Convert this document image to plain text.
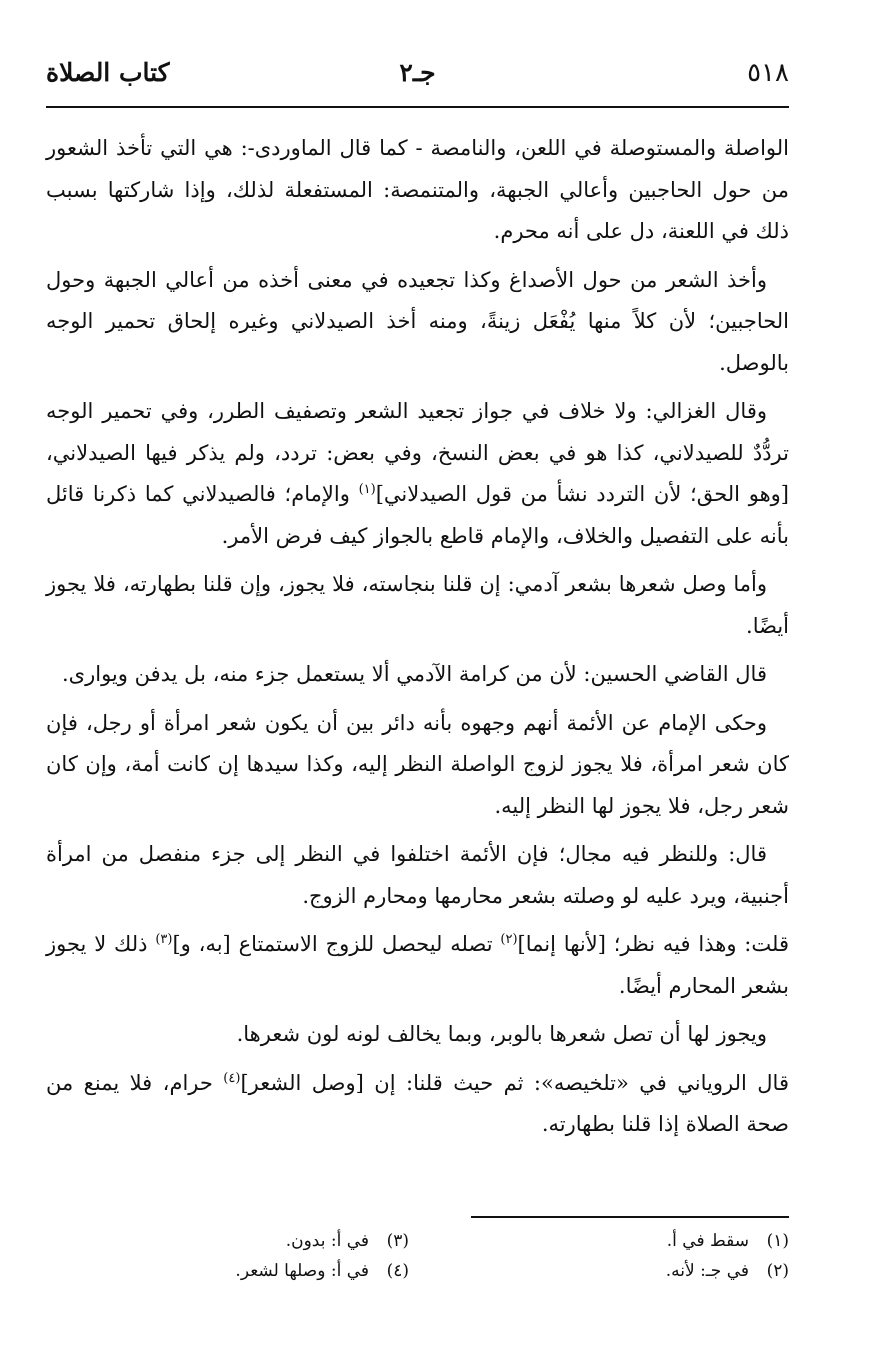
٥١٨
جـ٢
كتاب الصلاة

الواصلة والمستوصلة في اللعن، والنامصة - كما قال الماوردى-: هي التي تأخذ الشعور من حول الحاجبين وأعالي الجبهة، والمتنمصة: المستفعلة لذلك، وإذا شاركتها بسبب ذلك في اللعنة، دل على أنه محرم.

وأخذ الشعر من حول الأصداغ وكذا تجعيده في معنى أخذه من أعالي الجبهة وحول الحاجبين؛ لأن كلاً منها يُفْعَل زينةً، ومنه أخذ الصيدلاني وغيره إلحاق تحمير الوجه بالوصل.

وقال الغزالي: ولا خلاف في جواز تجعيد الشعر وتصفيف الطرر، وفي تحمير الوجه تردُّدٌ للصيدلاني، كذا هو في بعض النسخ، وفي بعض: تردد، ولم يذكر فيها الصيدلاني، [وهو الحق؛ لأن التردد نشأ من قول الصيدلاني]$^{(١)}$ والإمام؛ فالصيدلاني كما ذكرنا قائل بأنه على التفصيل والخلاف، والإمام قاطع بالجواز كيف فرض الأمر.

وأما وصل شعرها بشعر آدمي: إن قلنا بنجاسته، فلا يجوز، وإن قلنا بطهارته، فلا يجوز أيضًا.

قال القاضي الحسين: لأن من كرامة الآدمي ألا يستعمل جزء منه، بل يدفن ويوارى.

وحكى الإمام عن الأئمة أنهم وجهوه بأنه دائر بين أن يكون شعر امرأة أو رجل، فإن كان شعر امرأة، فلا يجوز لزوج الواصلة النظر إليه، وكذا سيدها إن كانت أمة، وإن كان شعر رجل، فلا يجوز لها النظر إليه.

قال: وللنظر فيه مجال؛ فإن الأئمة اختلفوا في النظر إلى جزء منفصل من امرأة أجنبية، ويرد عليه لو وصلته بشعر محارمها ومحارم الزوج.

قلت: وهذا فيه نظر؛ [لأنها إنما]$^{(٢)}$ تصله ليحصل للزوج الاستمتاع [به، و]$^{(٣)}$ ذلك لا يجوز بشعر المحارم أيضًا.

ويجوز لها أن تصل شعرها بالوبر، وبما يخالف لونه لون شعرها.

قال الروياني في «تلخيصه»: ثم حيث قلنا: إن [وصل الشعر]$^{(٤)}$ حرام، فلا يمنع من صحة الصلاة إذا قلنا بطهارته.

(١)سقط في أ.
(٢)في جـ: لأنه.
(٣)في أ: بدون.
(٤)في أ: وصلها لشعر.
